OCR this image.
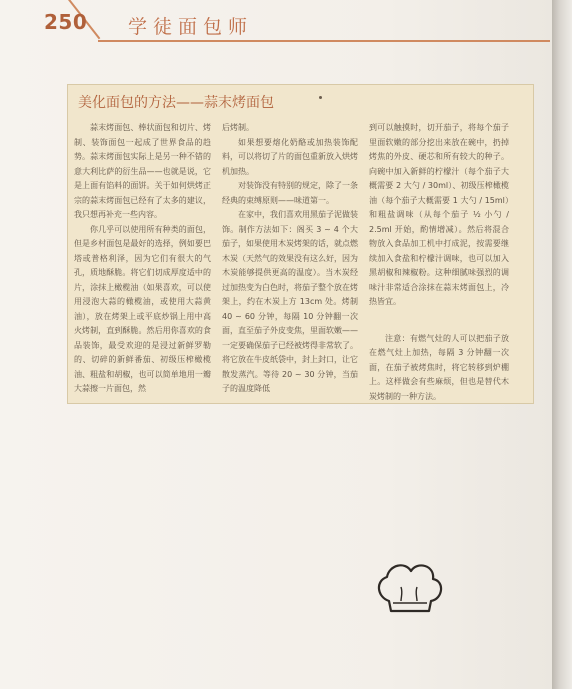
250 学徒面包师
美化面包的方法——蒜末烤面包

蒜末烤面包、棒状面包和切片、烤制、装饰面包一起成了世界食品的趋势。蒜末烤面包实际上是另一种不错的意大利比萨的衍生品——也就是说，它是上面有馅料的面饼。关于如何烘烤正宗的蒜末烤面包已经有了太多的建议，我只想再补充一些内容。

你几乎可以使用所有种类的面包，但是乡村面包是最好的选择，例如要巴塔或普格利泽，因为它们有很大的气孔，质地酥脆。将它们切成厚度适中的片，涂抹上橄榄油（如果喜欢，可以使用浸泡大蒜的橄榄油，或使用大蒜黄油），放在烤架上或平底炒锅上用中高火烤制，直到酥脆。然后用你喜欢的食品装饰，最受欢迎的是浸过新鲜罗勒的、切碎的新鲜番茄、初级压榨橄榄油、粗盐和胡椒，也可以简单地用一瓣大蒜擦一片面包，然

后烤制。

如果想要熔化奶酪或加热装饰配料，可以将切了片的面包重新放入烘烤机加热。

对装饰没有特别的规定，除了一条经典的束缚原则——味道第一。

在家中，我们喜欢用黑茄子泥做装饰。制作方法如下：阁买 3 ~ 4 个大茄子，如果使用木炭烤架的话，就点燃木炭（天然气的效果没有这么好，因为木炭能够提供更高的温度）。当木炭经过加热变为白色时，将茄子整个放在烤架上，约在木炭上方 13cm 处。烤制 40 ~ 60 分钟，每隔 10 分钟翻一次面，直至茄子外皮变焦，里面软嫩——一定要确保茄子已经被烤得非常软了。将它放在牛皮纸袋中，封上封口，让它散发蒸汽。等待 20 ~ 30 分钟，当茄子的温度降低

到可以触摸时，切开茄子，将每个茄子里面软嫩的部分挖出来放在碗中，扔掉烤焦的外皮、硬芯和所有较大的种子。向碗中加入新鲜的柠檬汁（每个茄子大概需要 2 大勺 / 30ml）、初级压榨橄榄油（每个茄子大概需要 1 大勺 / 15ml）和粗盐调味（从每个茄子 ½ 小勺 / 2.5ml 开始，酌情增减）。然后将混合物放入食品加工机中打成泥，按需要继续加入食盐和柠檬汁调味，也可以加入黑胡椒和辣椒粉。这种细腻味强烈的调味汁非常适合涂抹在蒜末烤面包上，冷热皆宜。

注意：有燃气灶的人可以把茄子放在燃气灶上加热，每隔 3 分钟翻一次面，在茄子被烤焦时，将它转移到炉棚上。这样做会有些麻烦，但也是替代木炭烤制的一种方法。
